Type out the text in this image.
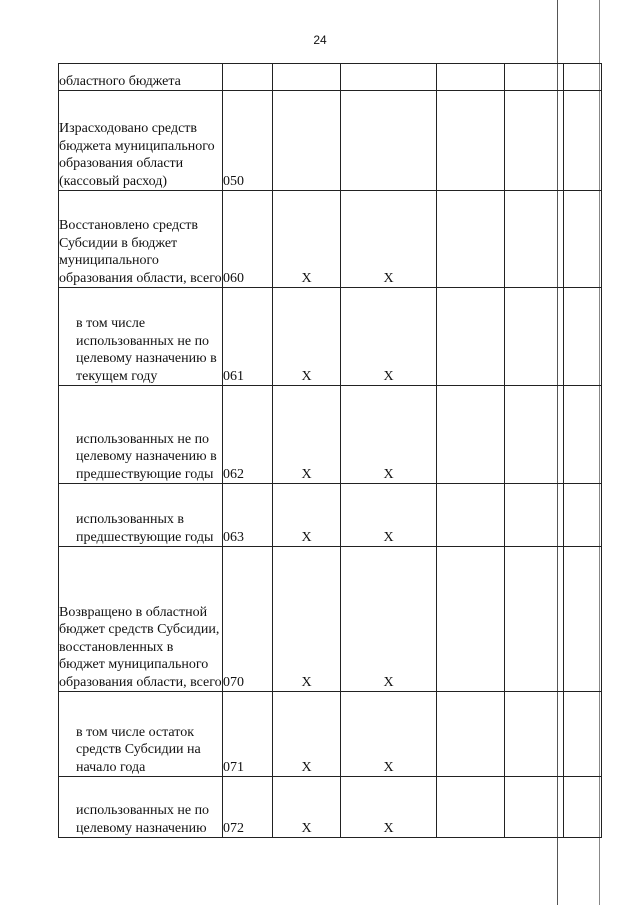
24
областного бюджета						
Израсходовано средств бюджета муниципального образования области (кассовый расход)	050					
Восстановлено средств Субсидии в бюджет муниципального образования области, всего	060	X	X			
в том числе использованных не по целевому назначению в текущем году	061	X	X			
использованных не по целевому назначению в предшествующие годы	062	X	X			
использованных в предшествующие годы	063	X	X			
Возвращено в областной бюджет средств Субсидии, восстановленных в бюджет муниципального образования области, всего	070	X	X			
в том числе остаток средств Субсидии на начало года	071	X	X			
использованных не по целевому назначению	072	X	X			
